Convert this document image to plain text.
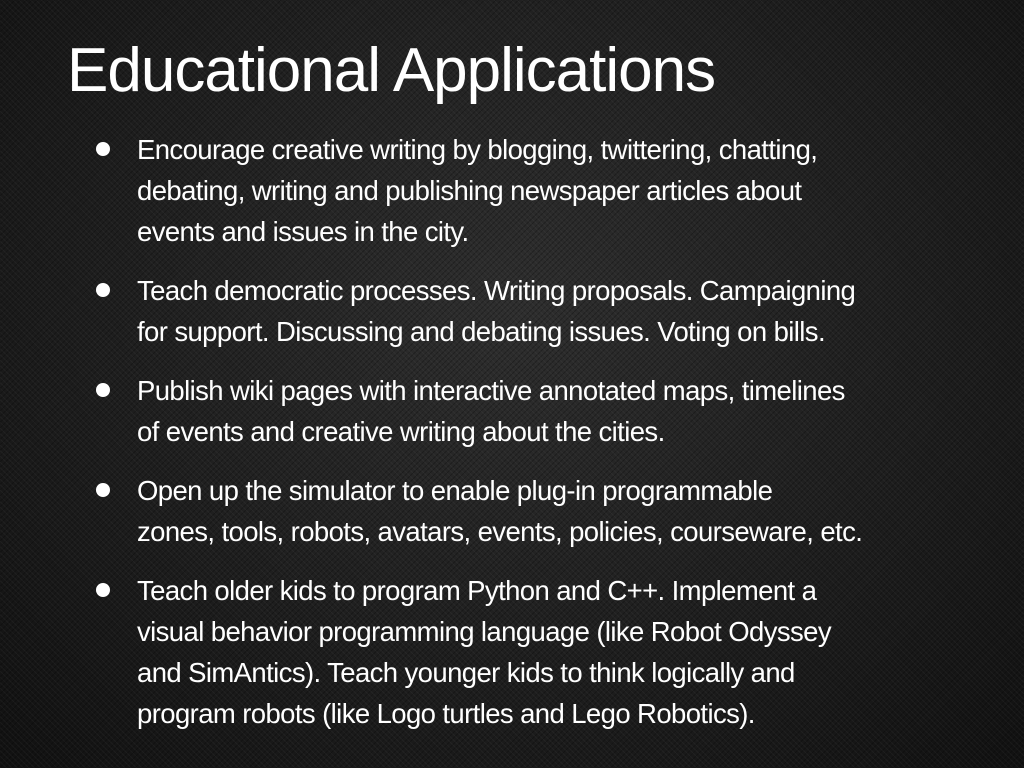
Educational Applications
Encourage creative writing by blogging, twittering, chatting,
debating, writing and publishing newspaper articles about
events and issues in the city.
Teach democratic processes. Writing proposals. Campaigning
for support. Discussing and debating issues. Voting on bills.
Publish wiki pages with interactive annotated maps, timelines
of events and creative writing about the cities.
Open up the simulator to enable plug-in programmable
zones, tools, robots, avatars, events, policies, courseware, etc.
Teach older kids to program Python and C++. Implement a
visual behavior programming language (like Robot Odyssey
and SimAntics). Teach younger kids to think logically and
program robots (like Logo turtles and Lego Robotics).
